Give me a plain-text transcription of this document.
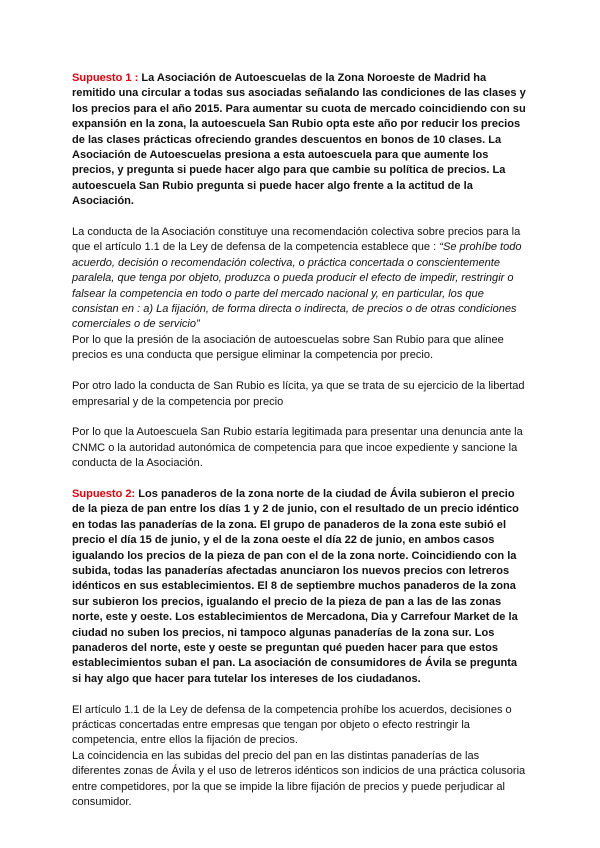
Supuesto 1 : La Asociación de Autoescuelas de la Zona Noroeste de Madrid ha remitido una circular a todas sus asociadas señalando las condiciones de las clases y los precios para el año 2015. Para aumentar su cuota de mercado coincidiendo con su expansión en la zona, la autoescuela San Rubio opta este año por reducir los precios de las clases prácticas ofreciendo grandes descuentos en bonos de 10 clases. La Asociación de Autoescuelas presiona a esta autoescuela para que aumente los precios, y pregunta si puede hacer algo para que cambie su política de precios. La autoescuela San Rubio pregunta si puede hacer algo frente a la actitud de la Asociación.

La conducta de la Asociación constituye una recomendación colectiva sobre precios para la que el artículo 1.1 de la Ley de defensa de la competencia establece que : “Se prohíbe todo acuerdo, decisión o recomendación colectiva, o práctica concertada o conscientemente paralela, que tenga por objeto, produzca o pueda producir el efecto de impedir, restringir o falsear la competencia en todo o parte del mercado nacional y, en particular, los que consistan en : a) La fijación, de forma directa o indirecta, de precios o de otras condiciones comerciales o de servicio”

Por lo que la presión de la asociación de autoescuelas sobre San Rubio para que alinee precios es una conducta que persigue eliminar la competencia por precio.

Por otro lado la conducta de San Rubio es lícita, ya que se trata de su ejercicio de la libertad empresarial y de la competencia por precio

Por lo que la Autoescuela San Rubio estaría legitimada para presentar una denuncia ante la CNMC o la autoridad autonómica de competencia para que incoe expediente y sancione la conducta de la Asociación.

Supuesto 2: Los panaderos de la zona norte de la ciudad de Ávila subieron el precio de la pieza de pan entre los días 1 y 2 de junio, con el resultado de un precio idéntico en todas las panaderías de la zona. El grupo de panaderos de la zona este subió el precio el día 15 de junio, y el de la zona oeste el día 22 de junio, en ambos casos igualando los precios de la pieza de pan con el de la zona norte. Coincidiendo con la subida, todas las panaderías afectadas anunciaron los nuevos precios con letreros idénticos en sus establecimientos. El 8 de septiembre muchos panaderos de la zona sur subieron los precios, igualando el precio de la pieza de pan a las de las zonas norte, este y oeste. Los establecimientos de Mercadona, Dia y Carrefour Market de la ciudad no suben los precios, ni tampoco algunas panaderías de la zona sur. Los panaderos del norte, este y oeste se preguntan qué pueden hacer para que estos establecimientos suban el pan. La asociación de consumidores de Ávila se pregunta si hay algo que hacer para tutelar los intereses de los ciudadanos.

El artículo 1.1 de la Ley de defensa de la competencia prohíbe los acuerdos, decisiones o prácticas concertadas entre empresas que tengan por objeto o efecto restringir la competencia, entre ellos la fijación de precios.

La coincidencia en las subidas del precio del pan en las distintas panaderías de las diferentes zonas de Ávila y el uso de letreros idénticos son indicios de una práctica colusoria entre competidores, por la que se impide la libre fijación de precios y puede perjudicar al consumidor.
